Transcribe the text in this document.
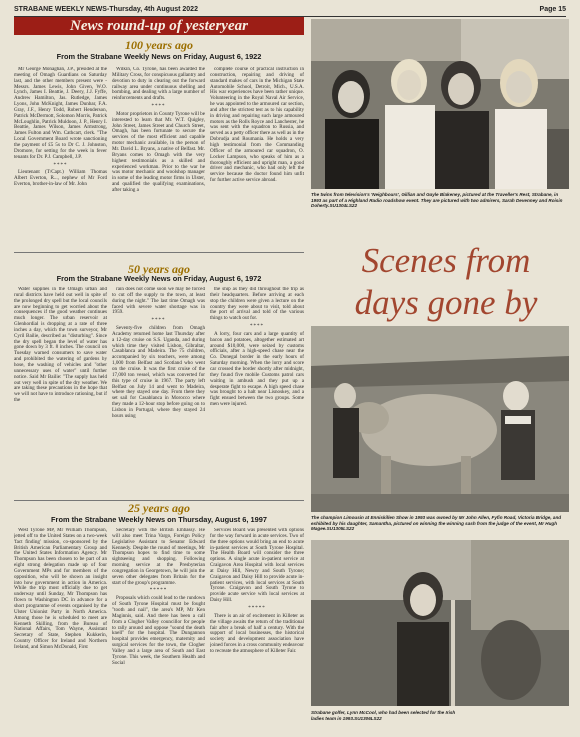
STRABANE WEEKLY NEWS-Thursday, 4th August 2022	Page 15
News round-up of yesteryear
100 years ago
From the Strabane Weekly News on Friday, August 6, 1922

Mr George Monaghan, J.P., presided at the meeting of Omagh Guardians on Saturday last, and the other members present were - Messrs. James Lewis, John Given, W.O. Lynch, James I. Beattie, J. Deery, J.J. Fyffe, Andrew Hamilton, Jas. Rutledge, James Lyons, John McKnight, James Dunbar, F.A. Gray, J.F., Henry Todd, Robert Henderson, Patrick McDermott, Solomon Morris, Patrick McLoughlin, Patrick Muldoon, J. P., Henry I. Beattie, James Wilson, James Armstrong, James Fulton and Wm. Cathcart, clerk. "The Local Government Board wrote sanctioning the payment of £5 5s to Dr C. J. Johnston, Dromore, for setting for the week in fever tenants for Dr. P.J. Campbell, J.P.

****

Lieutenant (T/Capt.) William Thomas Albert Everton, R..., nephew of Mr Ford Everton, brother-in-law of Mr. John

Wilkin, Co. Tyrone, has been awarded the Military Cross, for conspicuous gallantry and devotion to duty in clearing out the forward railway area under continuous shelling and bombing, and dealing with a large number of reinforcements and drafts.

****

Motor proprietors in County Tyrone will be interested to learn that Mr. W.T. Quigley, John Street, James Street and Church Street, Omagh, has been fortunate to secure the services of the most efficient and capable motor mechanic available, in the person of Mr. David L. Bryans, a native of Belfast. Mr. Bryans comes to Omagh with the very highest testimonials as a skilled and experienced workman. Prior to the war he was motor mechanic and woolshop manager in some of the leading motor firms in Ulster, and qualified the qualifying examinations, after taking a

complete course of practical instruction in construction, repairing and driving of standard makes of cars in the Michigan State Automobile School, Detroit, Mich., U.S.A. His war experiences have been rather unique. Volunteering in the Royal Naval Air Service, he was appointed to the armoured car section, and after the strictest test as to his capability in driving and repairing such large armoured motors as the Rolls Royce and Lanchester, he was sent with the squadron to Russia, and served as a petty officer there as well as in the Dobrudja and Roumania. He holds a very high testimonial from the Commanding Officer of the armoured car squadron, O. Locker Lampson, who speaks of him as a thoroughly efficient and upright man, a good driver and mechanic, who had only left the service because the doctor found him unfit for further active service abroad.

50 years ago
From the Strabane Weekly News on Friday, August 6, 1972

Water supplies in the Omagh urban and rural districts have held out well in spite of the prolonged dry spell but the local councils are now beginning to get worried about the consequences if the good weather continues much longer. The urban reservoir at Glenhordial is dropping at a rate of three inches a day, which the town surveyor, Mr Cyril Bailie, described as "disturbing". Since the dry spell began the level of water has gone down by 3 ft. 8 inches. The council on Tuesday warned consumers to save water and prohibited the watering of gardens by hose, the washing of vehicles and "other unnecessary uses of water" until further notice. Said Mr Bailie: "The supply has held out very well in spite of the dry weather. We are taking these precautions in the hope that we will not have to introduce rationing, but if the

rain does not come soon we may be forced to cut off the supply to the town, at least during the night." The last time Omagh was faced with severe water shortage was in 1959.

****

Seventy-five children from Omagh Academy returned home last Thursday after a 12-day cruise on S.S. Uganda, and during which time they visited Lisbon, Gibraltar, Casablanca and Madeira. The 75 children, accompanied by six teachers, were among 1,000 from Belfast and Scotland who went on the cruise. It was the first cruise of the 17,000 ton vessel, which was converted for this type of cruise in 1967. The party left Belfast on July 14 and went to Madeira, where they stayed one day. From there they set sail for Casablanca in Morocco where they made a 12-hour stop before going on to Lisbon in Portugal, where they stayed 24 hours using

the ship as they did throughout the trip as their headquarters. Before arriving at each stop the children were given a lecture on the country they were about to visit, told about the port of arrival and told of the various things to watch out for.

****

A lorry, four cars and a large quantity of bacon and potatoes, altogether estimated art around $10,000, were seized by customs officials, after a high-speed chase near the Co. Donegal border in the early hours of Saturday morning. When the lorry and score car crossed the border shortly after midnight, they found five mobile Customs patrol cars waiting in ambush and they put up a desperate fight to escape. A high speed chase was brought to a halt near Lisnoskey, and a fight ensued between the two groups. Some men were injured.

25 years ago
From the Strabane Weekly News on Thursday, August 6, 1997

West Tyrone MP, Mr William Thompson, jetted off to the United States on a two-week 'fact finding' mission, co-sponsored by the British American Parliamentary Group and the United States Information Agency. Mr Thompson has been chosen to be part of an eight strong delegation made up of four Government MPs and for members of the opposition, who will be shown an insight into how government in action in America. While the trip most officially due to get underway until Sunday, Mr Thompson has flown to Washington DC in advance for a short programme of events organised by the Ulster Unionist Party in North America. Among those he is scheduled to meet are Kenneth Skilling, from the Bureau of National Affairs, Tom Wayne, Assistant Secretary of State, Stephen Kukkerin, Country Officer for Ireland and Northern Ireland, and Simon McDonald, First

Secretary with the British Embassy. He will also meet Trina Vargo, Foreign Policy Legislative Assistant to Senator Edward Kennedy. Despite the round of meetings, Mr Thompson hopes to find time to some sightseeing and shopping. Following morning service at the Presbyterian congregation in Georgetown, he will join the seven other delegates from Britain for the start of the group's programme.

*****

Proposals which could lead to the rundown of South Tyrone Hospital must be fought "tooth and nail", the area's MP, Mr Ken Maginnis, said. And there has been a call from a Clogher Valley councillor for people to rally around and oppose "sound the death knell" for the hospital. The Dungannon hospital provides emergency, maternity and surgical services for the town, the Clogher Valley and a large area of South and East Tyrone. This week, the Southern Health and Social

Services Board was presented with options for the way forward in acute services. Two of the three options would bring an end to acute in-patient services at South Tyrone Hospital. The Health Board will consider the three options. A single acute in-patient service at Craigavon Area Hospital with local services at Daisy Hill, Newry and South Tyrone; Craigavon and Daisy Hill to provide acute in-patient services, with local services at South Tyrone. Craigavon and South Tyrone to provide acute service with local services at Daisy Hill.

*****

There is an air of excitement in Killeter as the village awaits the return of the traditional fair after a break of half a century. With the support of local businesses, the historical society and development association have joined forces in a cross community endeavour to recreate the atmosphere of Killeter Fair.

The twins from television's 'Neighbours', Gillian and Gayle Blakeney, pictured at the Traveller's Rest, Strabane, in 1993 as part of a Highland Radio roadshow event. They are pictured with two admirers, Sarah Devenney and Roisin Doherty.SU1304LS22
Scenes from
days gone by
The champion Limousin at Enniskillen Show in 1993 was owned by Mr John Allen, Fyfin Road, Victoria Bridge, and exhibited by his daughter, Samantha, pictured on winning the winning sash from the judge of the event, Mr Hugh Magee.SU1305LS22
Strabane golfer, Lynn McCool, who had been selected for the Irish ladies team in 1993.SU1306LS22
